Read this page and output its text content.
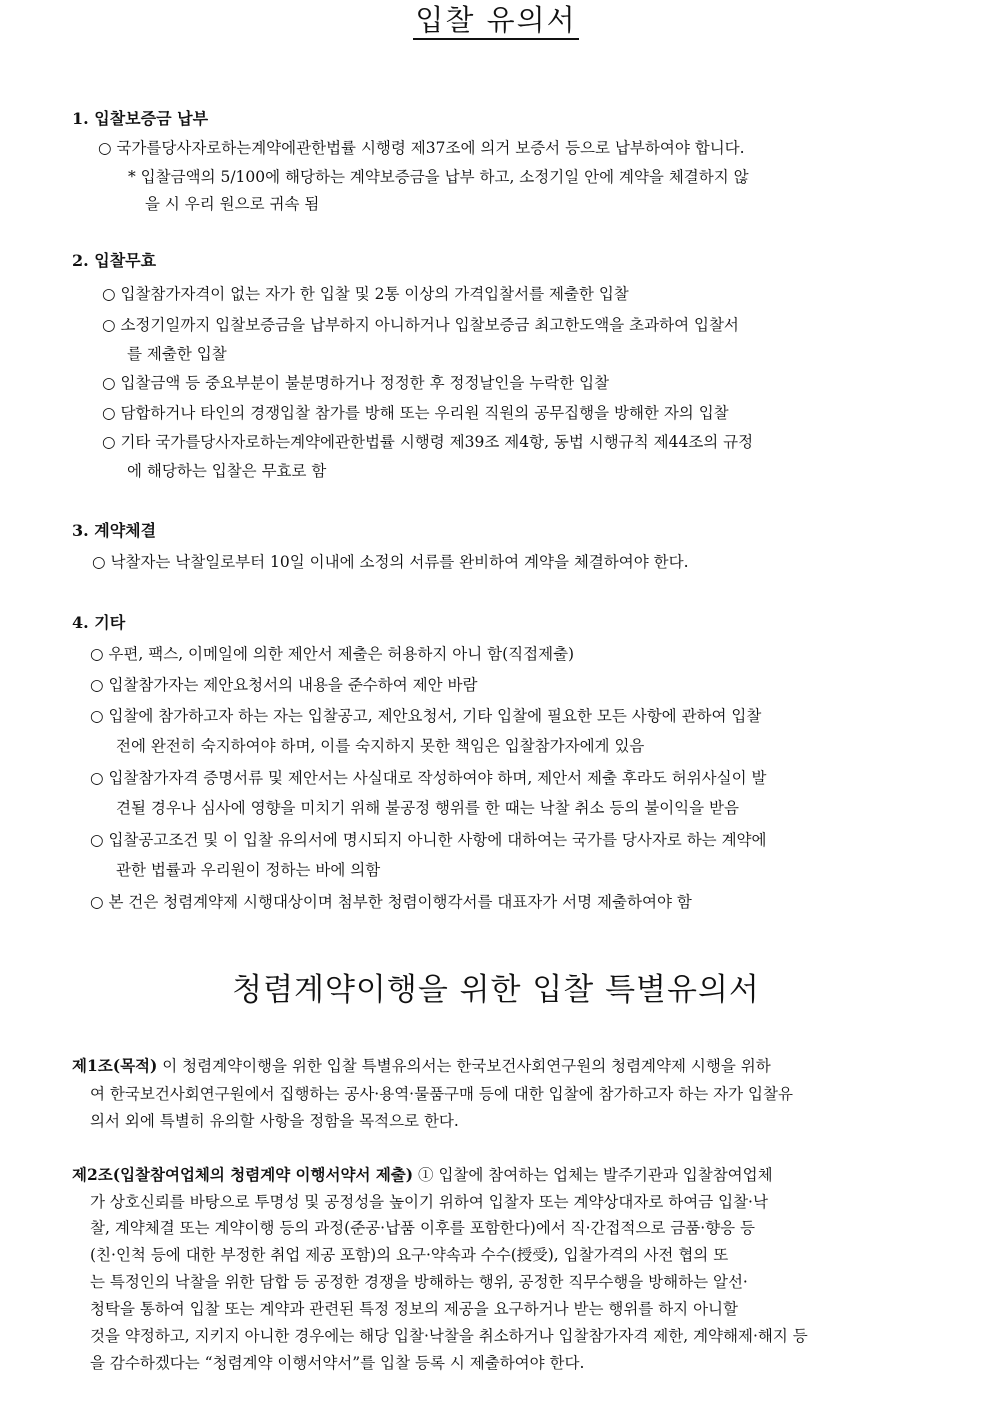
입찰 유의서
1. 입찰보증금 납부
○ 국가를당사자로하는계약에관한법률 시행령 제37조에 의거 보증서 등으로 납부하여야 합니다.
* 입찰금액의 5/100에 해당하는 계약보증금을 납부 하고, 소정기일 안에 계약을 체결하지 않
을 시 우리 원으로 귀속 됨
2. 입찰무효
○ 입찰참가자격이 없는 자가 한 입찰 및 2통 이상의 가격입찰서를 제출한 입찰
○ 소정기일까지 입찰보증금을 납부하지 아니하거나 입찰보증금 최고한도액을 초과하여 입찰서
를 제출한 입찰
○ 입찰금액 등 중요부분이 불분명하거나 정정한 후 정정날인을 누락한 입찰
○ 담합하거나 타인의 경쟁입찰 참가를 방해 또는 우리원 직원의 공무집행을 방해한 자의 입찰
○ 기타 국가를당사자로하는계약에관한법률 시행령 제39조 제4항, 동법 시행규칙 제44조의 규정
에 해당하는 입찰은 무효로 함
3. 계약체결
○ 낙찰자는 낙찰일로부터 10일 이내에 소정의 서류를 완비하여 계약을 체결하여야 한다.
4. 기타
○ 우편, 팩스, 이메일에 의한 제안서 제출은 허용하지 아니 함(직접제출)
○ 입찰참가자는 제안요청서의 내용을 준수하여 제안 바람
○ 입찰에 참가하고자 하는 자는 입찰공고, 제안요청서, 기타 입찰에 필요한 모든 사항에 관하여 입찰
전에 완전히 숙지하여야 하며, 이를 숙지하지 못한 책임은 입찰참가자에게 있음
○ 입찰참가자격 증명서류 및 제안서는 사실대로 작성하여야 하며, 제안서 제출 후라도 허위사실이 발
견될 경우나 심사에 영향을 미치기 위해 불공정 행위를 한 때는 낙찰 취소 등의 불이익을 받음
○ 입찰공고조건 및 이 입찰 유의서에 명시되지 아니한 사항에 대하여는 국가를 당사자로 하는 계약에
관한 법률과 우리원이 정하는 바에 의함
○ 본 건은 청렴계약제 시행대상이며 첨부한 청렴이행각서를 대표자가 서명 제출하여야 함
청렴계약이행을 위한 입찰 특별유의서
제1조(목적) 이 청렴계약이행을 위한 입찰 특별유의서는 한국보건사회연구원의 청렴계약제 시행을 위하
여 한국보건사회연구원에서 집행하는 공사·용역·물품구매 등에 대한 입찰에 참가하고자 하는 자가 입찰유
의서 외에 특별히 유의할 사항을 정함을 목적으로 한다.
제2조(입찰참여업체의 청렴계약 이행서약서 제출) ① 입찰에 참여하는 업체는 발주기관과 입찰참여업체
가 상호신뢰를 바탕으로 투명성 및 공정성을 높이기 위하여 입찰자 또는 계약상대자로 하여금 입찰·낙
찰, 계약체결 또는 계약이행 등의 과정(준공·납품 이후를 포함한다)에서 직·간접적으로 금품·향응 등
(친·인척 등에 대한 부정한 취업 제공 포함)의 요구·약속과 수수(授受), 입찰가격의 사전 협의 또
는 특정인의 낙찰을 위한 담합 등 공정한 경쟁을 방해하는 행위, 공정한 직무수행을 방해하는 알선·
청탁을 통하여 입찰 또는 계약과 관련된 특정 정보의 제공을 요구하거나 받는 행위를 하지 아니할
것을 약정하고, 지키지 아니한 경우에는 해당 입찰·낙찰을 취소하거나 입찰참가자격 제한, 계약해제·해지 등
을 감수하겠다는 “청렴계약 이행서약서”를 입찰 등록 시 제출하여야 한다.
